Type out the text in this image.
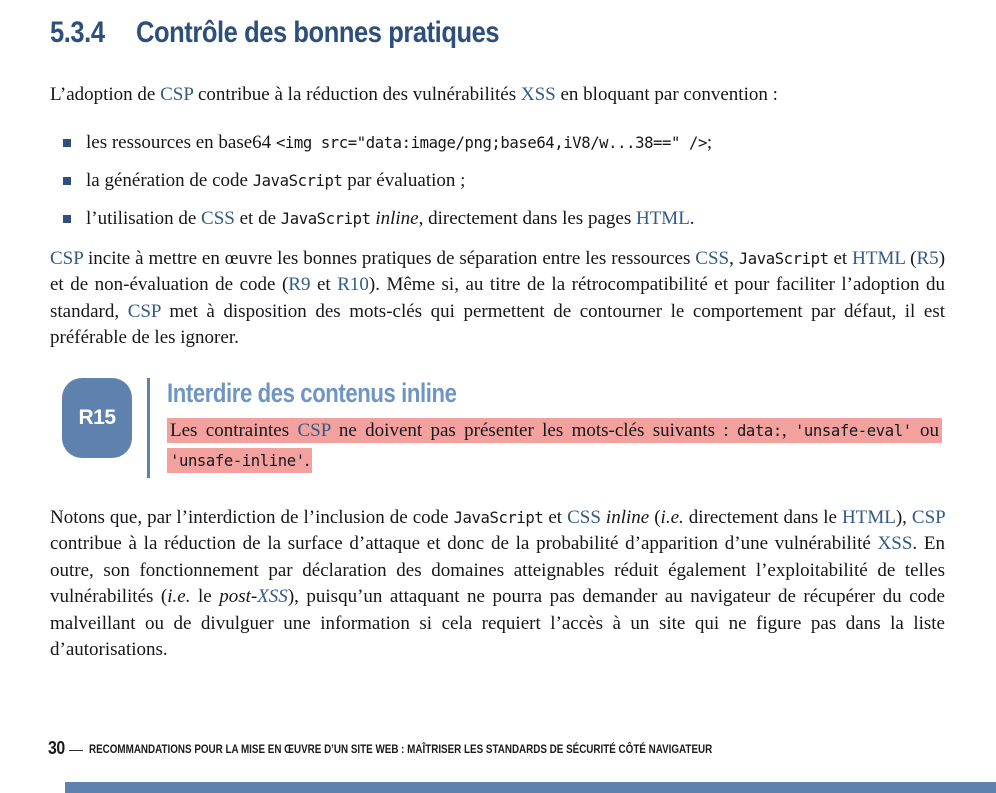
5.3.4 Contrôle des bonnes pratiques

L’adoption de CSP contribue à la réduction des vulnérabilités XSS en bloquant par convention :

les ressources en base64 <img src="data:image/png;base64,iV8/w...38==" />;
la génération de code JavaScript par évaluation ;
l’utilisation de CSS et de JavaScript inline, directement dans les pages HTML.

CSP incite à mettre en œuvre les bonnes pratiques de séparation entre les ressources CSS, JavaScript et HTML (R5) et de non-évaluation de code (R9 et R10). Même si, au titre de la rétrocompatibilité et pour faciliter l’adoption du standard, CSP met à disposition des mots-clés qui permettent de contourner le comportement par défaut, il est préférable de les ignorer.

R15
Interdire des contenus inline
Les contraintes CSP ne doivent pas présenter les mots-clés suivants : data:, 'unsafe-eval' ou 'unsafe-inline'.

Notons que, par l’interdiction de l’inclusion de code JavaScript et CSS inline (i.e. directement dans le HTML), CSP contribue à la réduction de la surface d’attaque et donc de la probabilité d’apparition d’une vulnérabilité XSS. En outre, son fonctionnement par déclaration des domaines atteignables réduit également l’exploitabilité de telles vulnérabilités (i.e. le post-XSS), puisqu’un attaquant ne pourra pas demander au navigateur de récupérer du code malveillant ou de divulguer une information si cela requiert l’accès à un site qui ne figure pas dans la liste d’autorisations.

30 — RECOMMANDATIONS POUR LA MISE EN ŒUVRE D’UN SITE WEB : MAÎTRISER LES STANDARDS DE SÉCURITÉ CÔTÉ NAVIGATEUR
